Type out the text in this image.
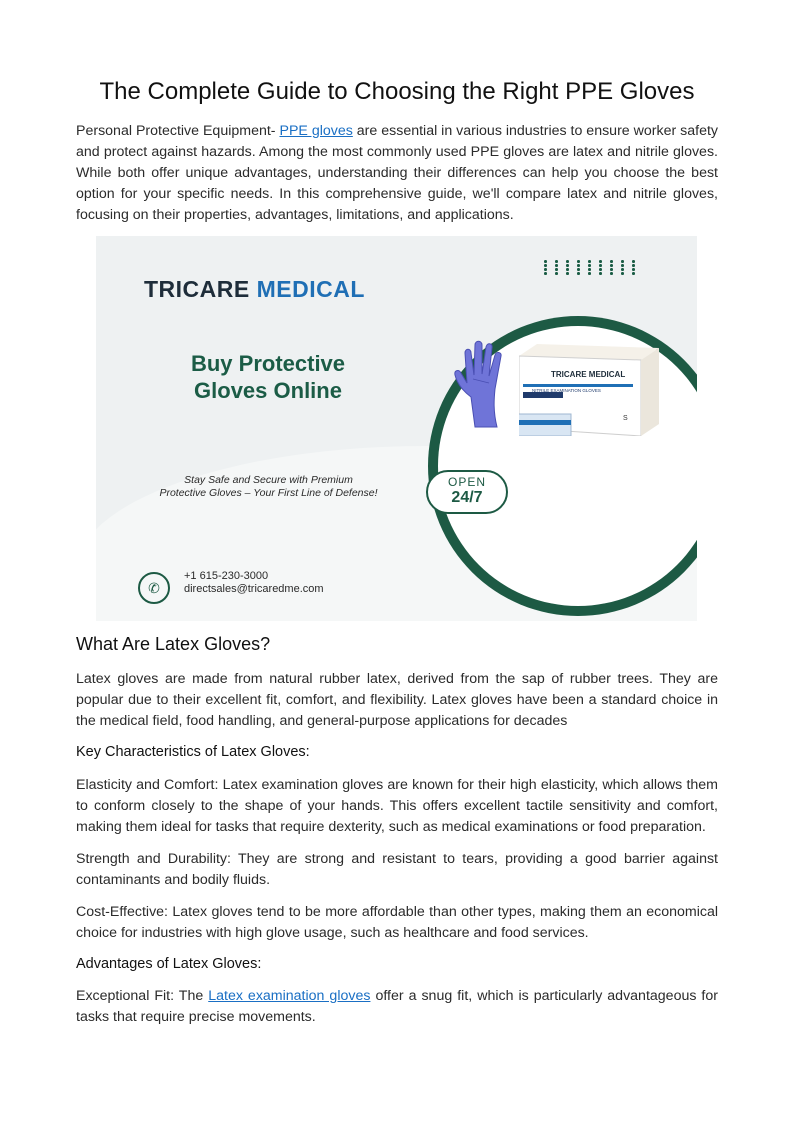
The Complete Guide to Choosing the Right PPE Gloves

Personal Protective Equipment- PPE gloves are essential in various industries to ensure worker safety and protect against hazards. Among the most commonly used PPE gloves are latex and nitrile gloves. While both offer unique advantages, understanding their differences can help you choose the best option for your specific needs. In this comprehensive guide, we'll compare latex and nitrile gloves, focusing on their properties, advantages, limitations, and applications.

TRICARE MEDICAL
Buy Protective
Gloves Online
S
TRICARE MEDICAL
NITRILE EXAMINATION GLOVES
Stay Safe and Secure with Premium
Protective Gloves – Your First Line of Defense!
OPEN
24/7
✆
+1 615-230-3000
directsales@tricaredme.com
What Are Latex Gloves?

Latex gloves are made from natural rubber latex, derived from the sap of rubber trees. They are popular due to their excellent fit, comfort, and flexibility. Latex gloves have been a standard choice in the medical field, food handling, and general-purpose applications for decades

Key Characteristics of Latex Gloves:

Elasticity and Comfort: Latex examination gloves are known for their high elasticity, which allows them to conform closely to the shape of your hands. This offers excellent tactile sensitivity and comfort, making them ideal for tasks that require dexterity, such as medical examinations or food preparation.

Strength and Durability: They are strong and resistant to tears, providing a good barrier against contaminants and bodily fluids.

Cost-Effective: Latex gloves tend to be more affordable than other types, making them an economical choice for industries with high glove usage, such as healthcare and food services.

Advantages of Latex Gloves:

Exceptional Fit: The Latex examination gloves offer a snug fit, which is particularly advantageous for tasks that require precise movements.
